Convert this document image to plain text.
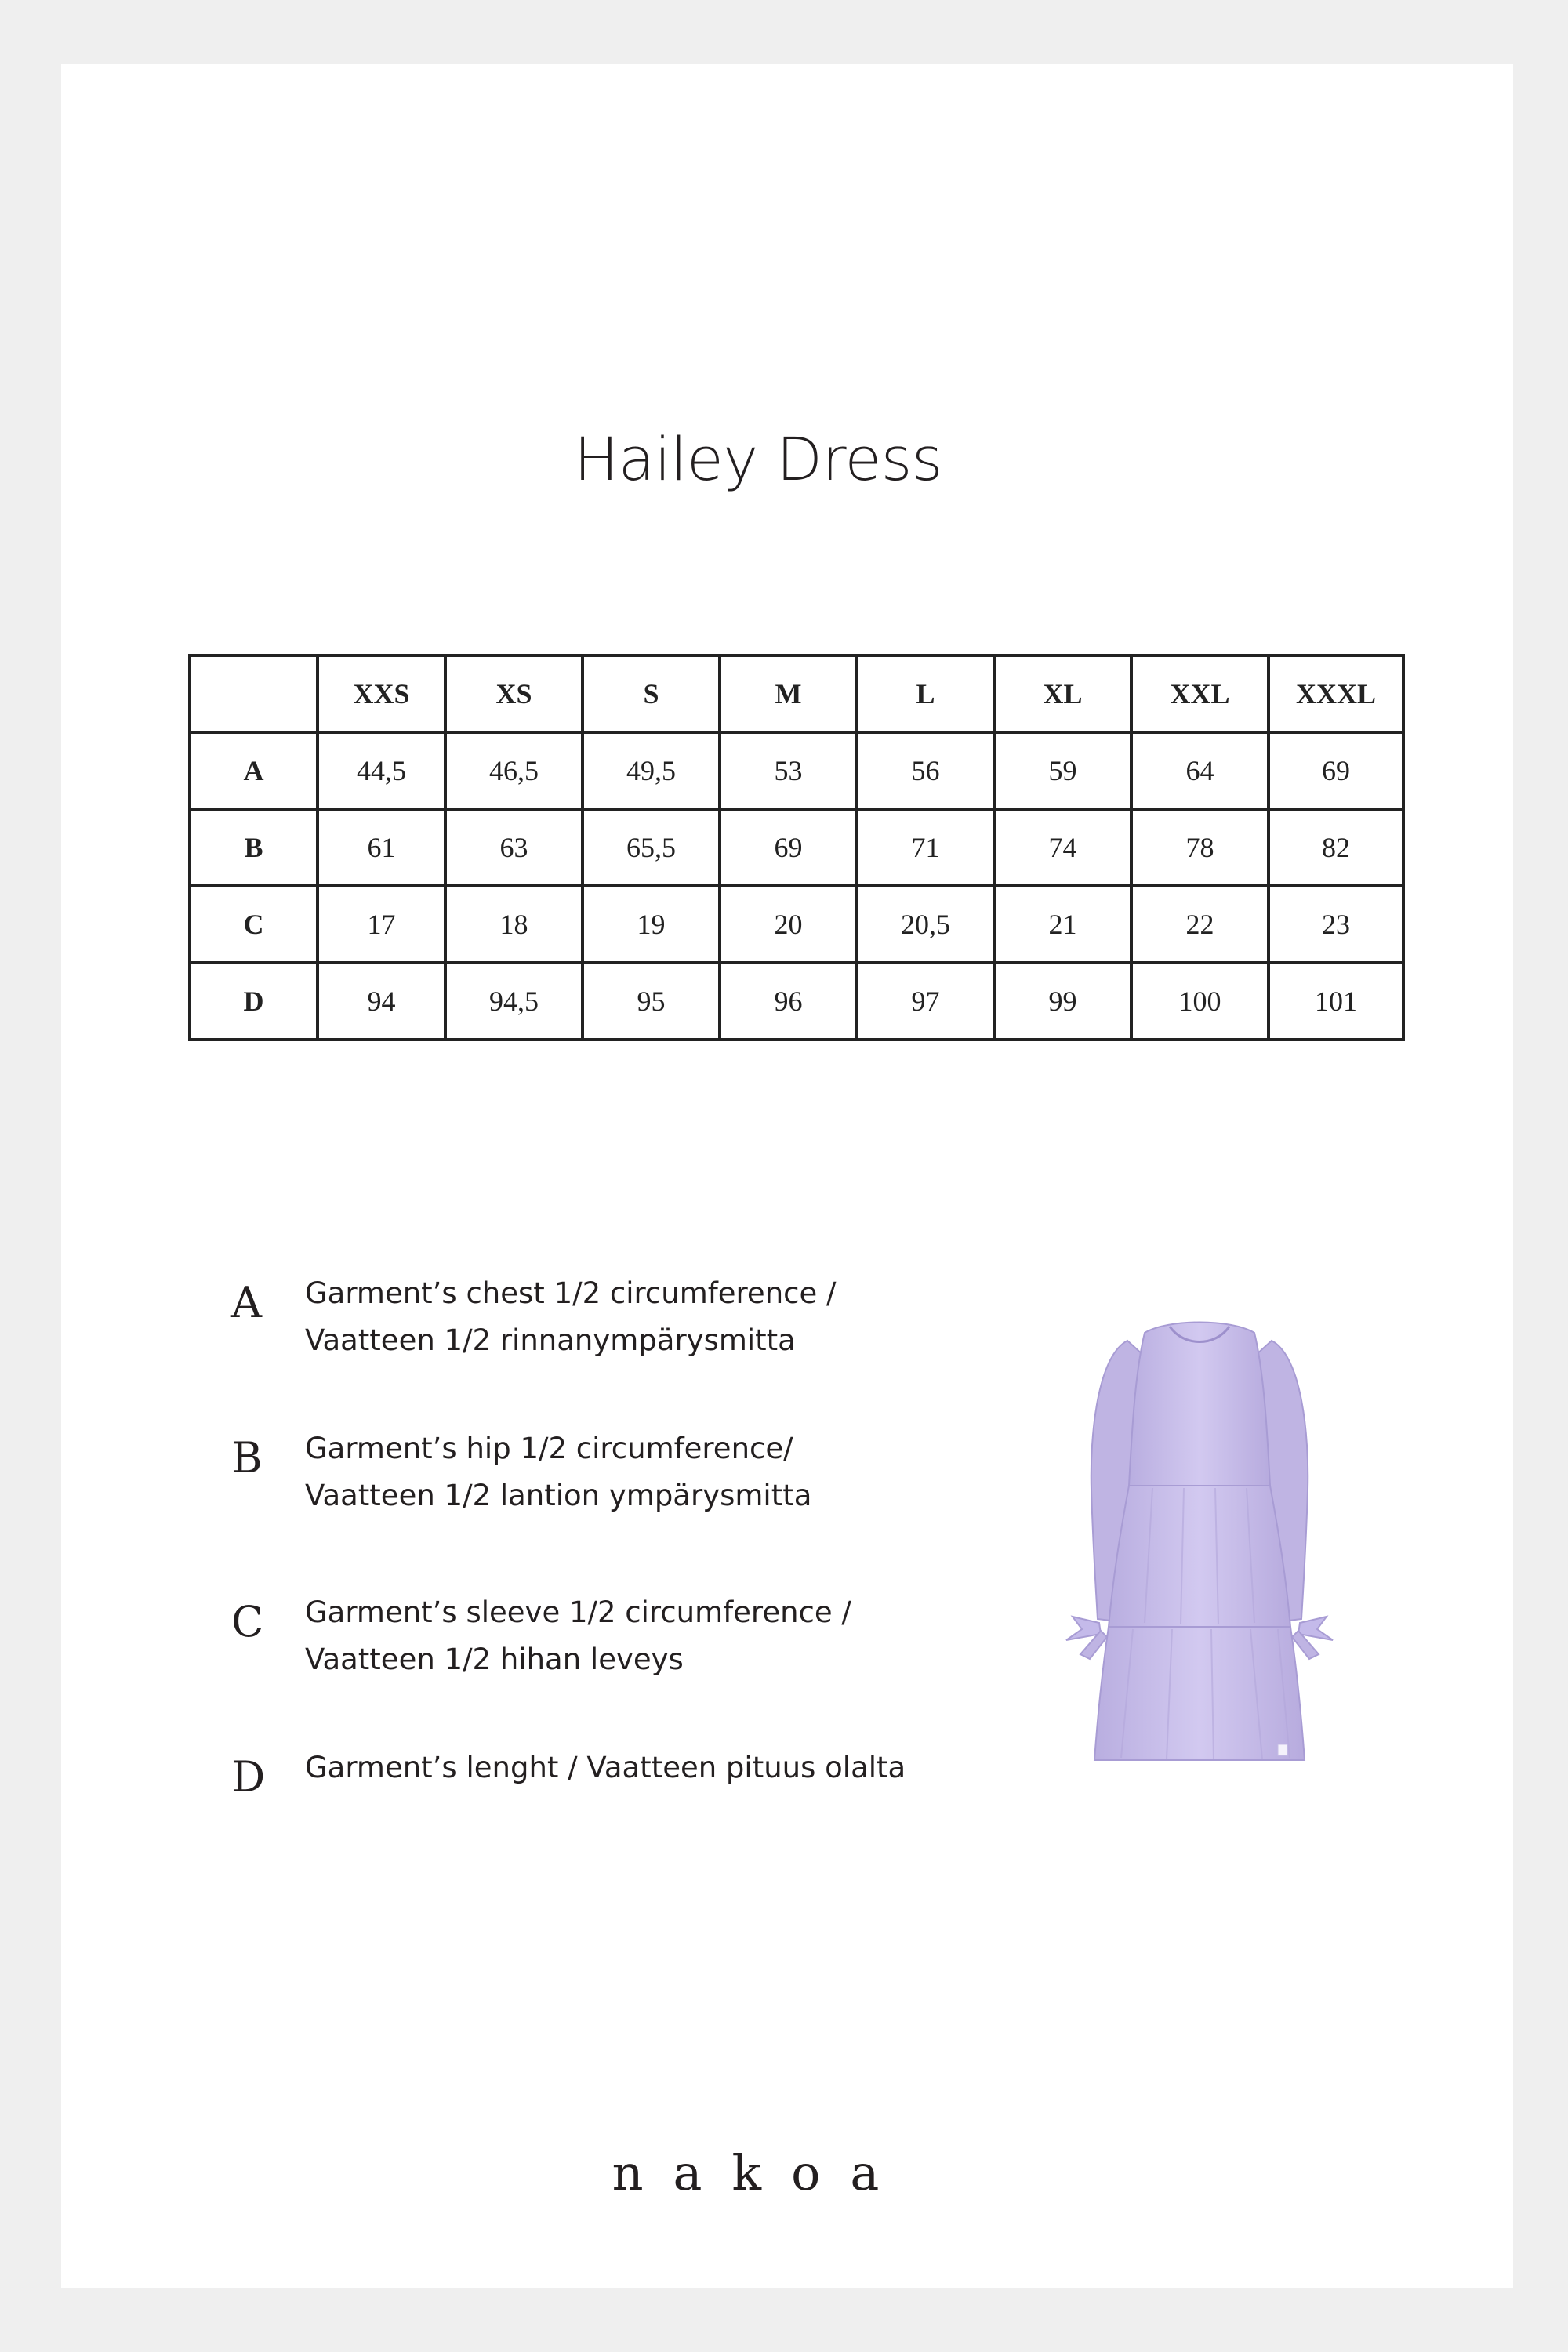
Hailey Dress
	XXS	XS	S	M	L	XL	XXL	XXXL
A	44,5	46,5	49,5	53	56	59	64	69
B	61	63	65,5	69	71	74	78	82
C	17	18	19	20	20,5	21	22	23
D	94	94,5	95	96	97	99	100	101
A	Garment’s chest 1/2 circumference /
Vaatteen 1/2 rinnanympärysmitta
B	Garment’s hip 1/2 circumference/
Vaatteen 1/2 lantion ympärysmitta
C	Garment’s sleeve 1/2 circumference /
Vaatteen 1/2 hihan leveys
D	Garment’s lenght / Vaatteen pituus olalta
nakoa
